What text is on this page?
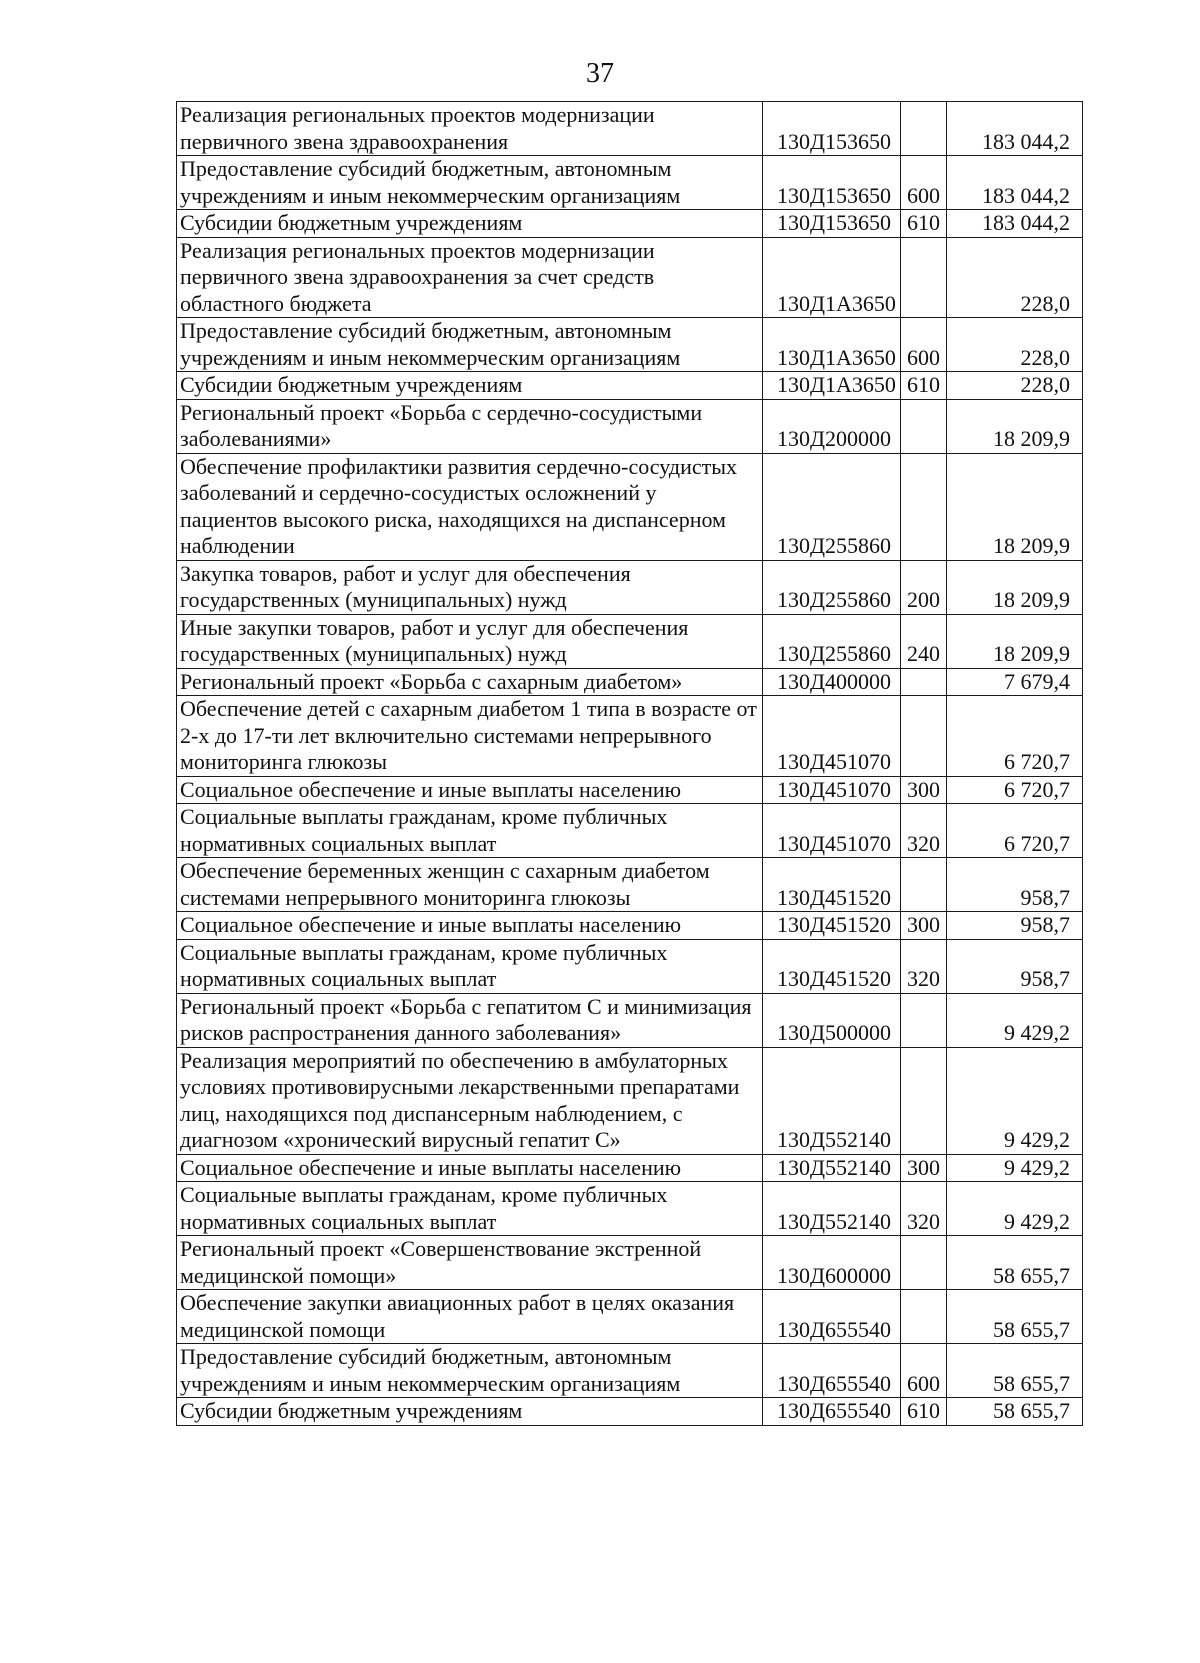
37
Реализация региональных проектов модернизации первичного звена здравоохранения	130Д153650		183 044,2
Предоставление субсидий бюджетным, автономным учреждениям и иным некоммерческим организациям	130Д153650	600	183 044,2
Субсидии бюджетным учреждениям	130Д153650	610	183 044,2
Реализация региональных проектов модернизации первичного звена здравоохранения за счет средств областного бюджета	130Д1А3650		228,0
Предоставление субсидий бюджетным, автономным учреждениям и иным некоммерческим организациям	130Д1А3650	600	228,0
Субсидии бюджетным учреждениям	130Д1А3650	610	228,0
Региональный проект «Борьба с сердечно-сосудистыми заболеваниями»	130Д200000		18 209,9
Обеспечение профилактики развития сердечно-сосудистых заболеваний и сердечно-сосудистых осложнений у пациентов высокого риска, находящихся на диспансерном наблюдении	130Д255860		18 209,9
Закупка товаров, работ и услуг для обеспечения государственных (муниципальных) нужд	130Д255860	200	18 209,9
Иные закупки товаров, работ и услуг для обеспечения государственных (муниципальных) нужд	130Д255860	240	18 209,9
Региональный проект «Борьба с сахарным диабетом»	130Д400000		7 679,4
Обеспечение детей с сахарным диабетом 1 типа в возрасте от 2-х до 17-ти лет включительно системами непрерывного мониторинга глюкозы	130Д451070		6 720,7
Социальное обеспечение и иные выплаты населению	130Д451070	300	6 720,7
Социальные выплаты гражданам, кроме публичных нормативных социальных выплат	130Д451070	320	6 720,7
Обеспечение беременных женщин с сахарным диабетом системами непрерывного мониторинга глюкозы	130Д451520		958,7
Социальное обеспечение и иные выплаты населению	130Д451520	300	958,7
Социальные выплаты гражданам, кроме публичных нормативных социальных выплат	130Д451520	320	958,7
Региональный проект «Борьба с гепатитом С и минимизация рисков распространения данного заболевания»	130Д500000		9 429,2
Реализация мероприятий по обеспечению в амбулаторных условиях противовирусными лекарственными препаратами лиц, находящихся под диспансерным наблюдением, с диагнозом «хронический вирусный гепатит С»	130Д552140		9 429,2
Социальное обеспечение и иные выплаты населению	130Д552140	300	9 429,2
Социальные выплаты гражданам, кроме публичных нормативных социальных выплат	130Д552140	320	9 429,2
Региональный проект «Совершенствование экстренной медицинской помощи»	130Д600000		58 655,7
Обеспечение закупки авиационных работ в целях оказания медицинской помощи	130Д655540		58 655,7
Предоставление субсидий бюджетным, автономным учреждениям и иным некоммерческим организациям	130Д655540	600	58 655,7
Субсидии бюджетным учреждениям	130Д655540	610	58 655,7
